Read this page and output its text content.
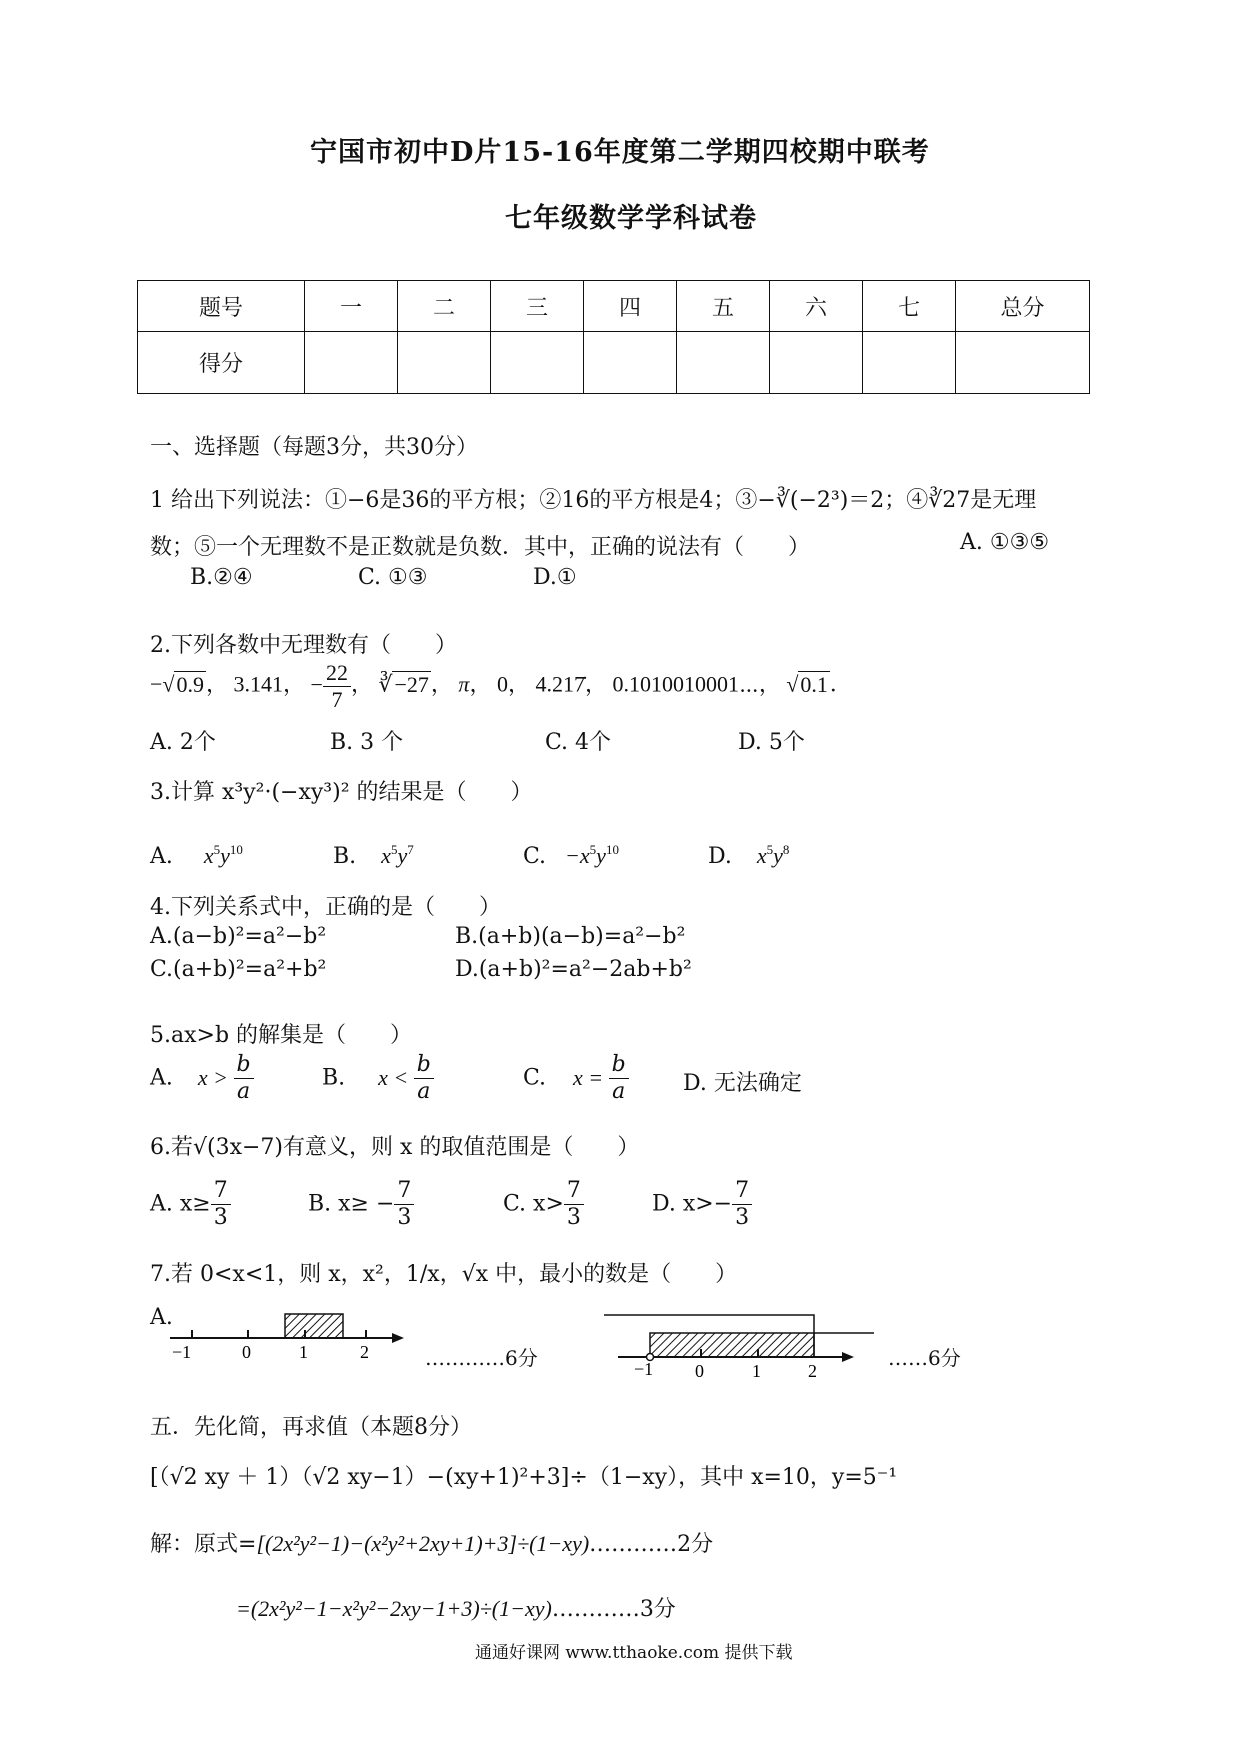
宁国市初中D片15-16年度第二学期四校期中联考
七年级数学学科试卷
题号	一	二	三	四	五	六	七	总分
得分								
一、选择题（每题3分，共30分）
1 给出下列说法：①−6是36的平方根；②16的平方根是4；③−∛(−2³)＝2；④∛27是无理
数；⑤一个无理数不是正数就是负数．其中，正确的说法有（　　）	A. ①③⑤
B.②④	C. ①③	D.①
2.下列各数中无理数有（　　）
−√0.9， 3.141， − $\frac{22}{7}$ ， ∛−27， π， 0， 4.217̇， 0.1010010001⋯， √0.1．
A. 2个	B. 3 个	C. 4个	D. 5个
3.计算 x³y²·(−xy³)² 的结果是（　　）
A. $x^5y^{10}$	B. $x^5y^7$	C. $-x^5y^{10}$	D. $x^5y^8$
4.下列关系式中，正确的是（　　）
A.(a−b)²=a²−b²	B.(a+b)(a−b)=a²−b²
C.(a+b)²=a²+b²	D.(a+b)²=a²−2ab+b²
5.ax>b 的解集是（　　）
A. $x > \frac{b}{a}$	B. $x < \frac{b}{a}$	C. $x = \frac{b}{a} D$. 无法确定
6.若√(3x−7)有意义，则 x 的取值范围是（　　）
A. $x\ge \frac{7}{3}$	B. $x\ge - \frac{7}{3}$	C. $x> \frac{7}{3}$	D. $x>- \frac{7}{3}$
7.若 0<x<1，则 x，x²，1/x，√x 中，最小的数是（　　）
A.
−1	0	1	2	…………6分	−1 0	1	2
……6分
五．先化简，再求值（本题8分）
[（√2 xy ＋ 1）（√2 xy−1）−(xy+1)²+3]÷（1−xy），其中 x=10，y=5⁻¹
解：原式=[(2x²y²−1)−(x²y²+2xy+1)+3]÷(1−xy)…………2分
=(2x²y²−1−x²y²−2xy−1+3)÷(1−xy)…………3分
通通好课网 www.tthaoke.com 提供下载
